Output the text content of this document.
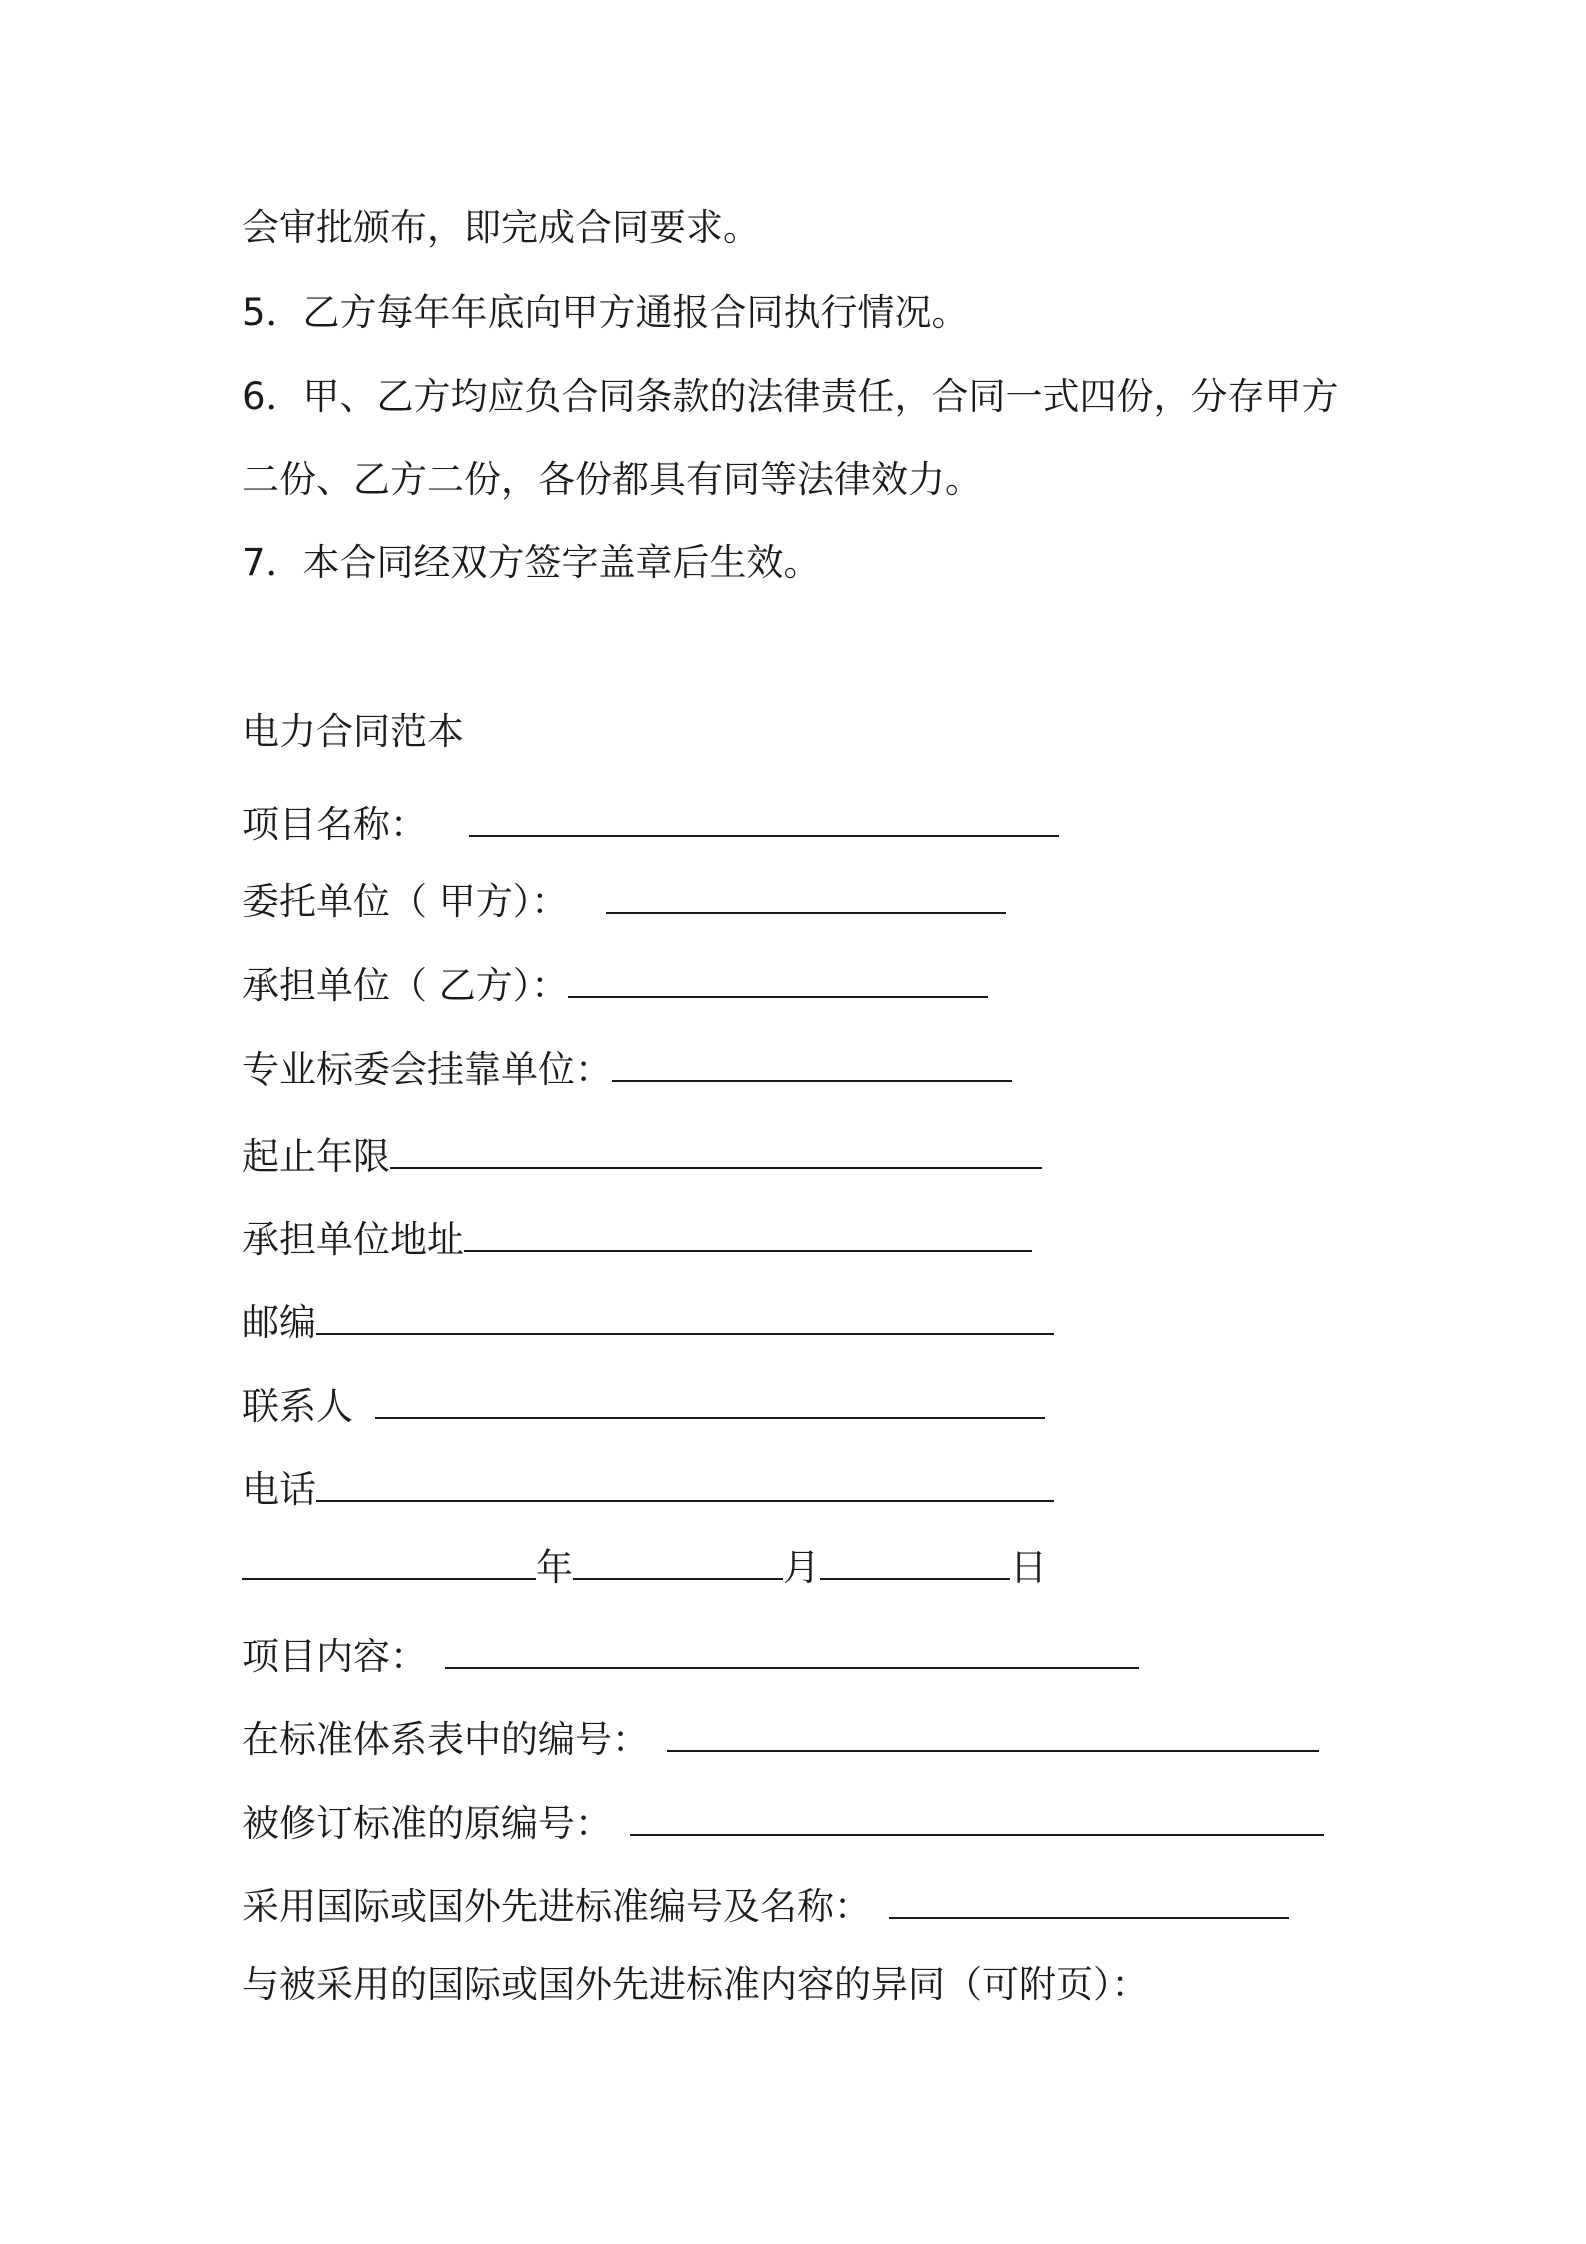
会审批颁布，即完成合同要求。
5．乙方每年年底向甲方通报合同执行情况。
6．甲、乙方均应负合同条款的法律责任，合同一式四份，分存甲方
二份、乙方二份，各份都具有同等法律效力。
7．本合同经双方签字盖章后生效。
电力合同范本
项目名称：
委托单位（ 甲方）：
承担单位（ 乙方）：
专业标委会挂靠单位：
起止年限
承担单位地址
邮编
联系人
电话
年	月	日
项目内容：
在标准体系表中的编号：
被修订标准的原编号：
采用国际或国外先进标准编号及名称：
与被采用的国际或国外先进标准内容的异同（可附页）：
